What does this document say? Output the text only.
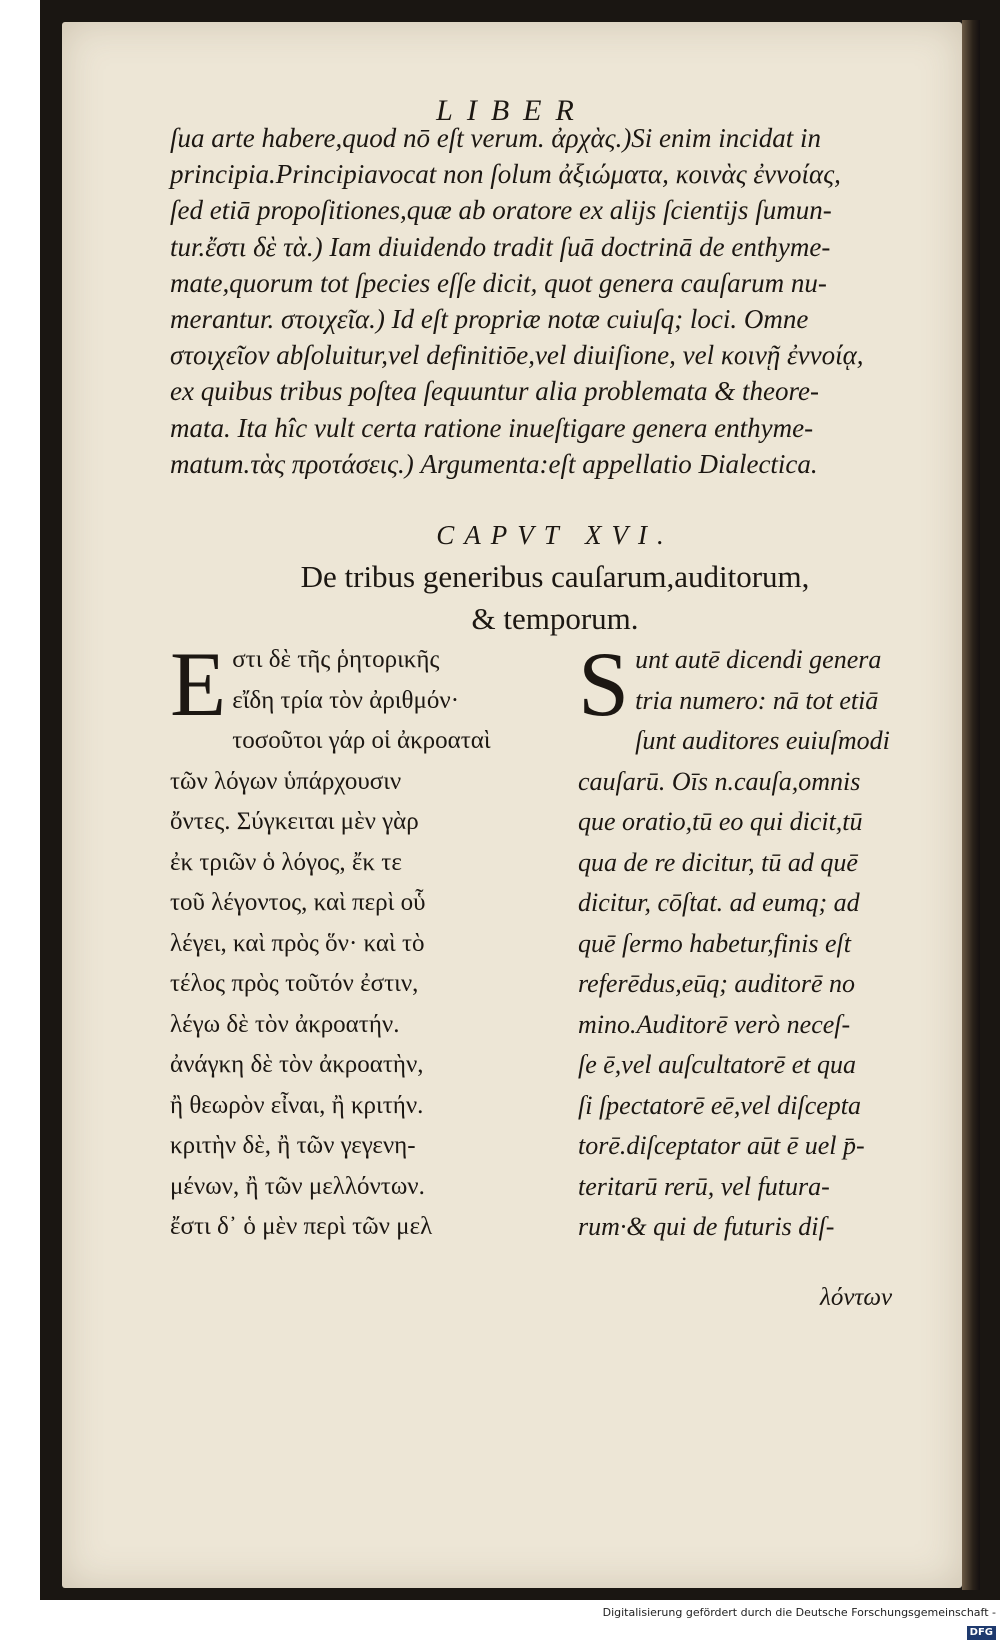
LIBER
ſua arte habere,quod nō eſt verum. ἀρχὰς.)Si enim incidat in
principia.Principiavocat non ſolum ἀξιώματα, κοινὰς ἐννοίας,
ſed etiā propoſitiones,quæ ab oratore ex aliјs ſcientiјs ſumun-
tur.ἔστι δὲ τὰ.) Iam diuidendo tradit ſuā doctrinā de enthyme-
mate,quorum tot ſpecies eſſe dicit, quot genera cauſarum nu-
merantur. στοιχεῖα.) Id eſt propriæ notæ cuiuſq; loci. Omne
στοιχεῖον abſoluitur,vel definitiōe,vel diuiſione, vel κοινῇ ἐννοίᾳ,
ex quibus tribus poſtea ſequuntur alia problemata & theore-
mata. Ita hîc vult certa ratione inueſtigare genera enthyme-
matum.τὰς προτάσεις.) Argumenta:eſt appellatio Dialectica.
CAPVT XVI.
De tribus generibus cauſarum,auditorum,
& temporum.
E στι δὲ τῆς ῥητορικῆς
εἴδη τρία τὸν ἀριθμόν·
τοσοῦτοι γάρ οἱ ἀκροαταὶ
τῶν λόγων ὑπάρχουσιν
ὄντες. Σύγκειται μὲν γὰρ
ἐκ τριῶν ὁ λόγος, ἔκ τε
τοῦ λέγοντος, καὶ περὶ οὗ
λέγει, καὶ πρὸς ὅν· καὶ τὸ
τέλος πρὸς τοῦτόν ἐστιν,
λέγω δὲ τὸν ἀκροατήν.
ἀνάγκη δὲ τὸν ἀκροατὴν,
ἢ θεωρὸν εἶναι, ἢ κριτήν.
κριτὴν δὲ, ἢ τῶν γεγενη-
μένων, ἢ τῶν μελλόντων.
ἔστι δ᾽ ὁ μὲν περὶ τῶν μελ
S unt autē dicendi genera
tria numero: nā tot etiā
ſunt auditores euiuſmodi
cauſarū. Oīs n.cauſa,omnis
que oratio,tū eo qui dicit,tū
qua de re dicitur, tū ad quē
dicitur, cōſtat. ad eumq; ad
quē ſermo habetur,finis eſt
referēdus,eūq; auditorē no
mino.Auditorē verò neceſ-
ſe ē,vel auſcultatorē et qua
ſi ſpectatorē eē,vel diſcepta
torē.diſceptator aūt ē uel p̄-
teritarū rerū, vel futura-
rum·& qui de futuris diſ-
λόντων
Digitalisierung gefördert durch die Deutsche Forschungsgemeinschaft -DFG
